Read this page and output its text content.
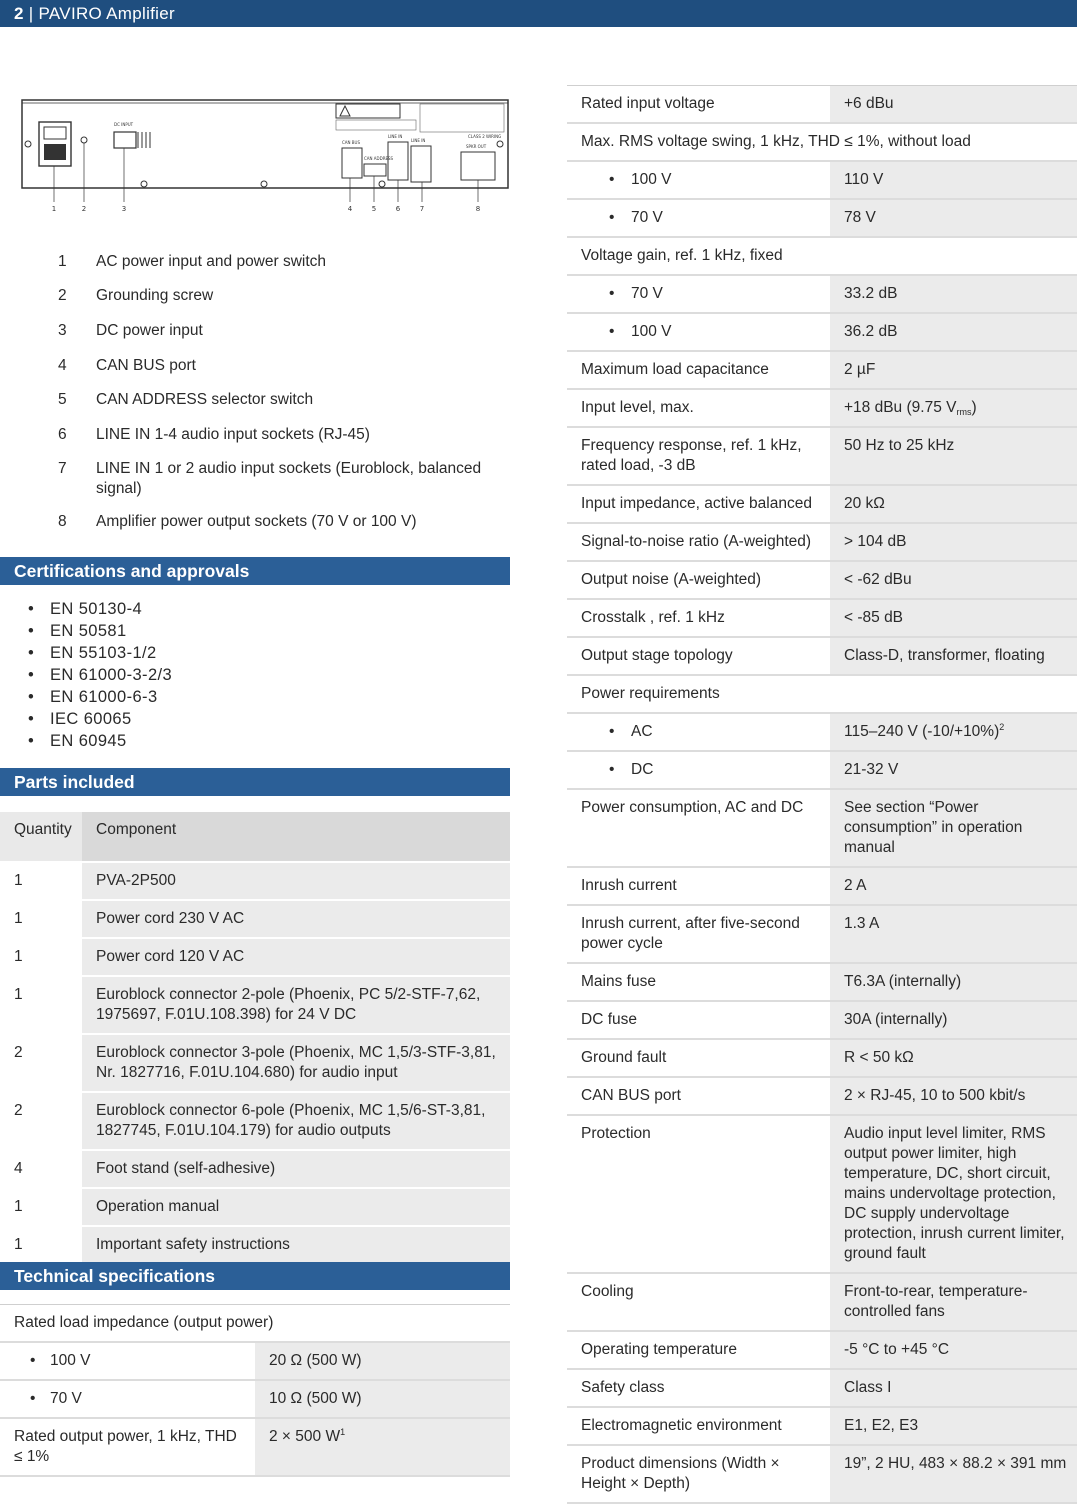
2 | PAVIRO Amplifier
DC INPUT
CAN BUS
CAN ADDRESS
LINE IN
LINE IN
CLASS 2 WIRING
SPKR OUT
1	2	3	4	5	6	7	8
1	AC power input and power switch
2	Grounding screw
3	DC power input
4	CAN BUS port
5	CAN ADDRESS selector switch
6	LINE IN 1-4 audio input sockets (RJ-45)
7	LINE IN 1 or 2 audio input sockets (Euroblock, balanced signal)
8	Amplifier power output sockets (70 V or 100 V)
Certifications and approvals
• EN 50130-4
• EN 50581
• EN 55103-1/2
• EN 61000-3-2/3
• EN 61000-6-3
• IEC 60065
• EN 60945
Parts included
Quantity	Component
1	PVA-2P500
1	Power cord 230 V AC
1	Power cord 120 V AC
1	Euroblock connector 2-pole (Phoenix, PC 5/2-STF-7,62, 1975697, F.01U.108.398) for 24 V DC
2	Euroblock connector 3-pole (Phoenix, MC 1,5/3-STF-3,81, Nr. 1827716, F.01U.104.680) for audio input
2	Euroblock connector 6-pole (Phoenix, MC 1,5/6-ST-3,81, 1827745, F.01U.104.179) for audio outputs
4	Foot stand (self-adhesive)
1	Operation manual
1	Important safety instructions
Technical specifications
Rated load impedance (output power)	

• 100 V	20 Ω (500 W)

• 70 V	10 Ω (500 W)
Rated output power, 1 kHz, THD ≤ 1%	2 × 500 $W^1$
Rated input voltage	+6 dBu
Max. RMS voltage swing, 1 kHz, THD ≤ 1%, without load	

• 100 V	110 V

• 70 V	78 V
Voltage gain, ref. 1 kHz, fixed	

• 70 V	33.2 dB

• 100 V	36.2 dB
Maximum load capacitance	2 µF
Input level, max.	+18 dBu (9.75 $V_{rms}$)
Frequency response, ref. 1 kHz, rated load, -3 dB	50 Hz to 25 kHz
Input impedance, active balanced	20 kΩ
Signal-to-noise ratio (A-weighted)	> 104 dB
Output noise (A-weighted)	< -62 dBu
Crosstalk , ref. 1 kHz	< -85 dB
Output stage topology	Class-D, transformer, floating
Power requirements	

• AC	115–240 V $(-10/+10\%)^2$

• DC	21-32 V
Power consumption, AC and DC	See section “Power consumption” in operation manual
Inrush current	2 A
Inrush current, after five-second power cycle	1.3 A
Mains fuse	T6.3A (internally)
DC fuse	30A (internally)
Ground fault	R < 50 kΩ
CAN BUS port	2 × RJ-45, 10 to 500 kbit/s
Protection	Audio input level limiter, RMS output power limiter, high temperature, DC, short circuit, mains undervoltage protection, DC supply undervoltage protection, inrush current limiter, ground fault
Cooling	Front-to-rear, temperature-controlled fans
Operating temperature	-5 °C to +45 °C
Safety class	Class I
Electromagnetic environment	E1, E2, E3
Product dimensions (Width × Height × Depth)	19”, 2 HU, 483 × 88.2 × 391 mm
